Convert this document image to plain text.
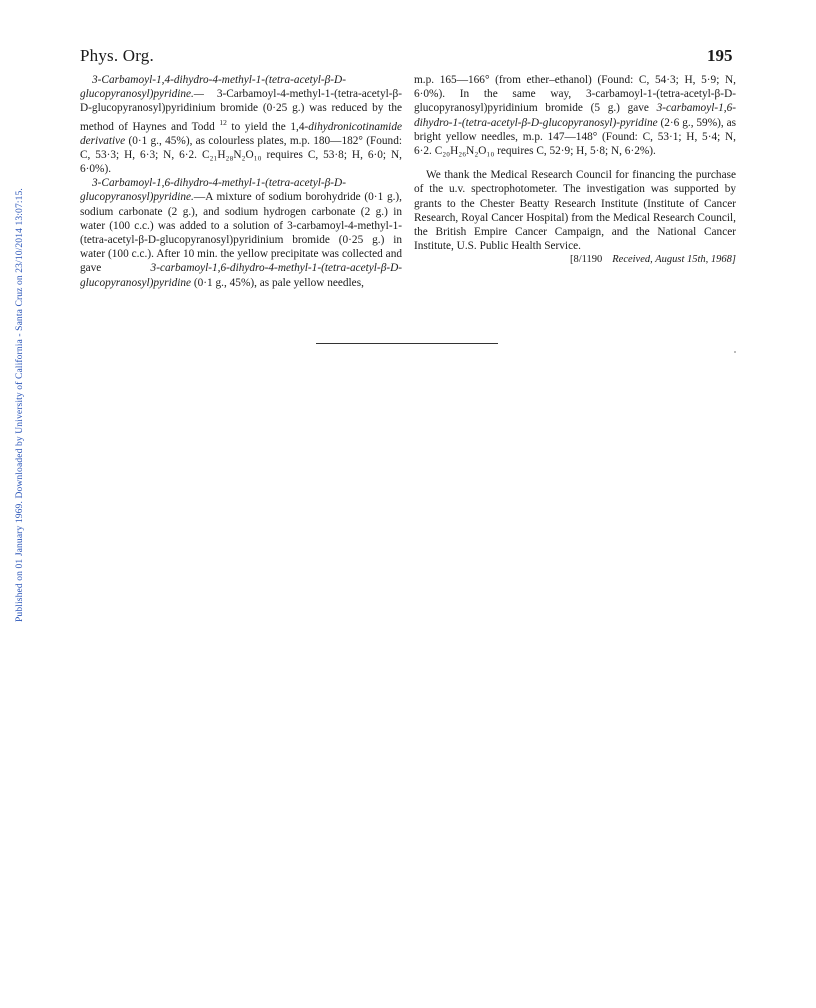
Published on 01 January 1969. Downloaded by University of California - Santa Cruz on 23/10/2014 13:07:15.
Phys. Org.	195

3-Carbamoyl-1,4-dihydro-4-methyl-1-(tetra-acetyl-β-D-glucopyranosyl)pyridine.— 3-Carbamoyl-4-methyl-1-(tetra-acetyl-β-D-glucopyranosyl)pyridinium bromide (0·25 g.) was reduced by the method of Haynes and Todd $^{12}$ to yield the 1,4-dihydronicotinamide derivative (0·1 g., 45%), as colourless plates, m.p. 180—182° (Found: C, 53·3; H, 6·3; N, 6·2. C₂₁H₂₈N₂O₁₀ requires C, 53·8; H, 6·0; N, 6·0%).

3-Carbamoyl-1,6-dihydro-4-methyl-1-(tetra-acetyl-β-D-glucopyranosyl)pyridine.—A mixture of sodium borohydride (0·1 g.), sodium carbonate (2 g.), and sodium hydrogen carbonate (2 g.) in water (100 c.c.) was added to a solution of 3-carbamoyl-4-methyl-1-(tetra-acetyl-β-D-glucopyranosyl)pyridinium bromide (0·25 g.) in water (100 c.c.). After 10 min. the yellow precipitate was collected and gave 3-carbamoyl-1,6-dihydro-4-methyl-1-(tetra-acetyl-β-D-glucopyranosyl)pyridine (0·1 g., 45%), as pale yellow needles,

m.p. 165—166° (from ether–ethanol) (Found: C, 54·3; H, 5·9; N, 6·0%). In the same way, 3-carbamoyl-1-(tetra-acetyl-β-D-glucopyranosyl)pyridinium bromide (5 g.) gave 3-carbamoyl-1,6-dihydro-1-(tetra-acetyl-β-D-glucopyranosyl)-pyridine (2·6 g., 59%), as bright yellow needles, m.p. 147—148° (Found: C, 53·1; H, 5·4; N, 6·2. C₂₀H₂₆N₂O₁₀ requires C, 52·9; H, 5·8; N, 6·2%).

We thank the Medical Research Council for financing the purchase of the u.v. spectrophotometer. The investigation was supported by grants to the Chester Beatty Research Institute (Institute of Cancer Research, Royal Cancer Hospital) from the Medical Research Council, the British Empire Cancer Campaign, and the National Cancer Institute, U.S. Public Health Service.

[8/1190 Received, August 15th, 1968]
